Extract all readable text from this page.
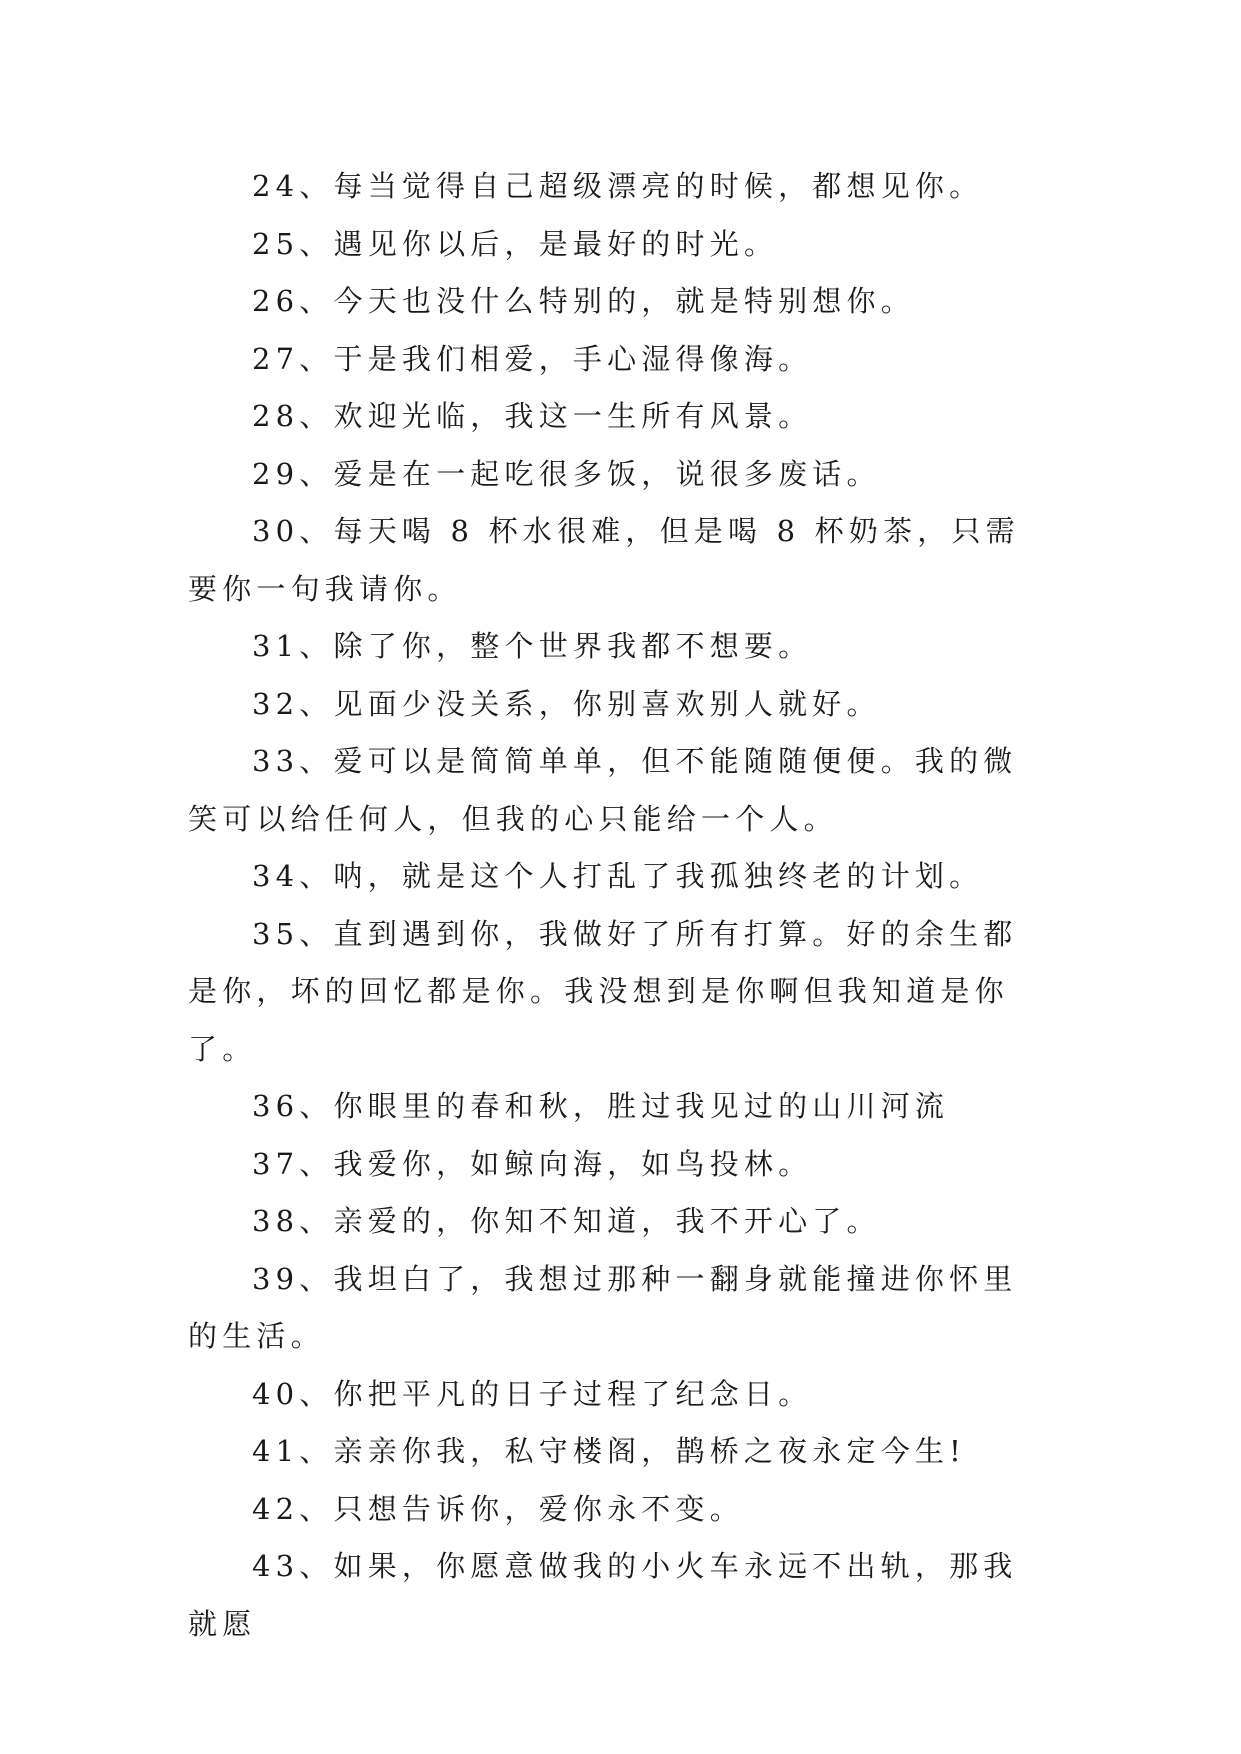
24、每当觉得自己超级漂亮的时候，都想见你。

25、遇见你以后，是最好的时光。

26、今天也没什么特别的，就是特别想你。

27、于是我们相爱，手心湿得像海。

28、欢迎光临，我这一生所有风景。

29、爱是在一起吃很多饭，说很多废话。

30、每天喝 8 杯水很难，但是喝 8 杯奶茶，只需要你一句我请你。

31、除了你，整个世界我都不想要。

32、见面少没关系，你别喜欢别人就好。

33、爱可以是简简单单，但不能随随便便。我的微笑可以给任何人，但我的心只能给一个人。

34、呐，就是这个人打乱了我孤独终老的计划。

35、直到遇到你，我做好了所有打算。好的余生都是你，坏的回忆都是你。我没想到是你啊但我知道是你了。

36、你眼里的春和秋，胜过我见过的山川河流

37、我爱你，如鲸向海，如鸟投林。

38、亲爱的，你知不知道，我不开心了。

39、我坦白了，我想过那种一翻身就能撞进你怀里的生活。

40、你把平凡的日子过程了纪念日。

41、亲亲你我，私守楼阁，鹊桥之夜永定今生!

42、只想告诉你，爱你永不变。

43、如果，你愿意做我的小火车永远不出轨，那我就愿
